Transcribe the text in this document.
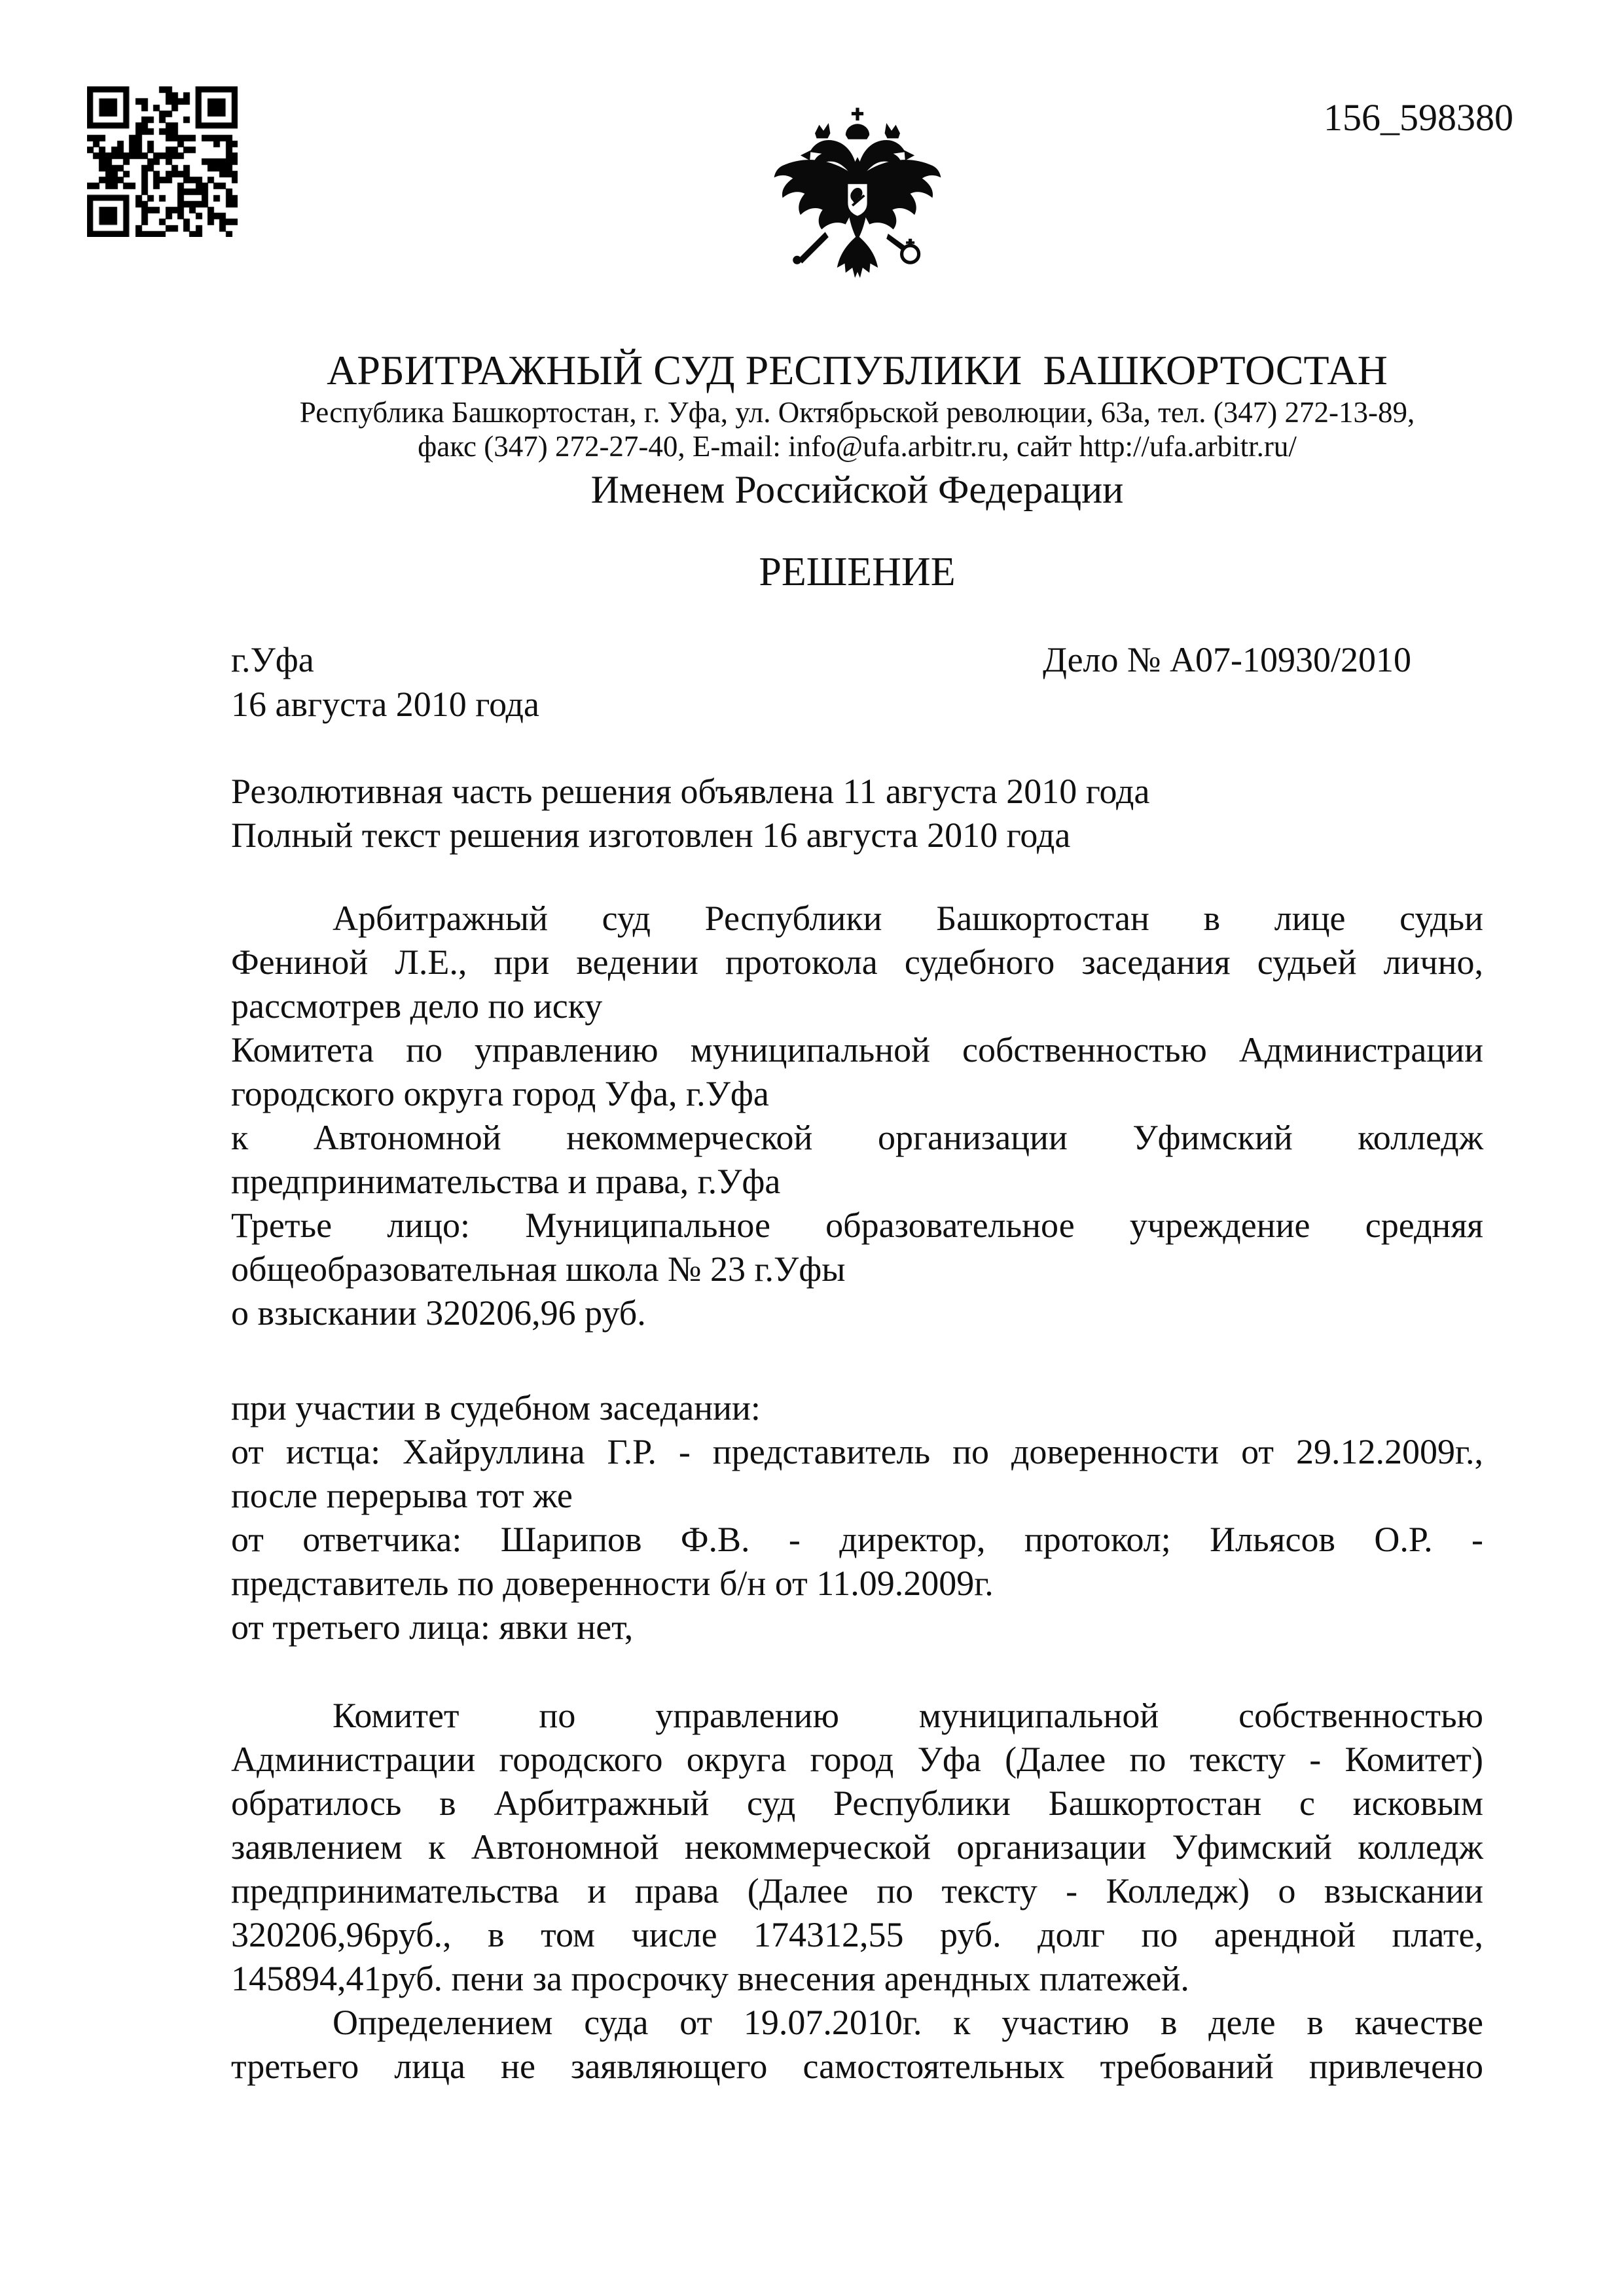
156_598380
АРБИТРАЖНЫЙ СУД РЕСПУБЛИКИ  БАШКОРТОСТАН
Республика Башкортостан, г. Уфа, ул. Октябрьской революции, 63а, тел. (347) 272-13-89,
факс (347) 272-27-40, E-mail: info@ufa.arbitr.ru, сайт http://ufa.arbitr.ru/
Именем Российской Федерации
РЕШЕНИЕ
г.Уфа	Дело № А07-10930/2010
16 августа 2010 года
Резолютивная часть решения объявлена 11 августа 2010 года
Полный текст решения изготовлен 16 августа 2010 года
Арбитражный суд Республики Башкортостан в лице судьи
Фениной Л.Е., при ведении протокола судебного заседания судьей лично,
рассмотрев дело по иску
Комитета по управлению муниципальной собственностью Администрации
городского округа город Уфа, г.Уфа
к Автономной некоммерческой организации Уфимский колледж
предпринимательства и права, г.Уфа
Третье лицо: Муниципальное образовательное учреждение средняя
общеобразовательная школа № 23 г.Уфы
о взыскании 320206,96 руб.
при участии в судебном заседании:
от истца: Хайруллина Г.Р. - представитель по доверенности от 29.12.2009г.,
после перерыва тот же
от ответчика: Шарипов Ф.В. - директор, протокол; Ильясов О.Р. -
представитель по доверенности б/н от 11.09.2009г.
от третьего лица: явки нет,
Комитет по управлению муниципальной собственностью
Администрации городского округа город Уфа (Далее по тексту - Комитет)
обратилось в Арбитражный суд Республики Башкортостан с исковым
заявлением к Автономной некоммерческой организации Уфимский колледж
предпринимательства и права (Далее по тексту - Колледж) о взыскании
320206,96руб., в том числе 174312,55 руб. долг по арендной плате,
145894,41руб. пени за просрочку внесения арендных платежей.
Определением суда от 19.07.2010г. к участию в деле в качестве
третьего лица не заявляющего самостоятельных требований привлечено
